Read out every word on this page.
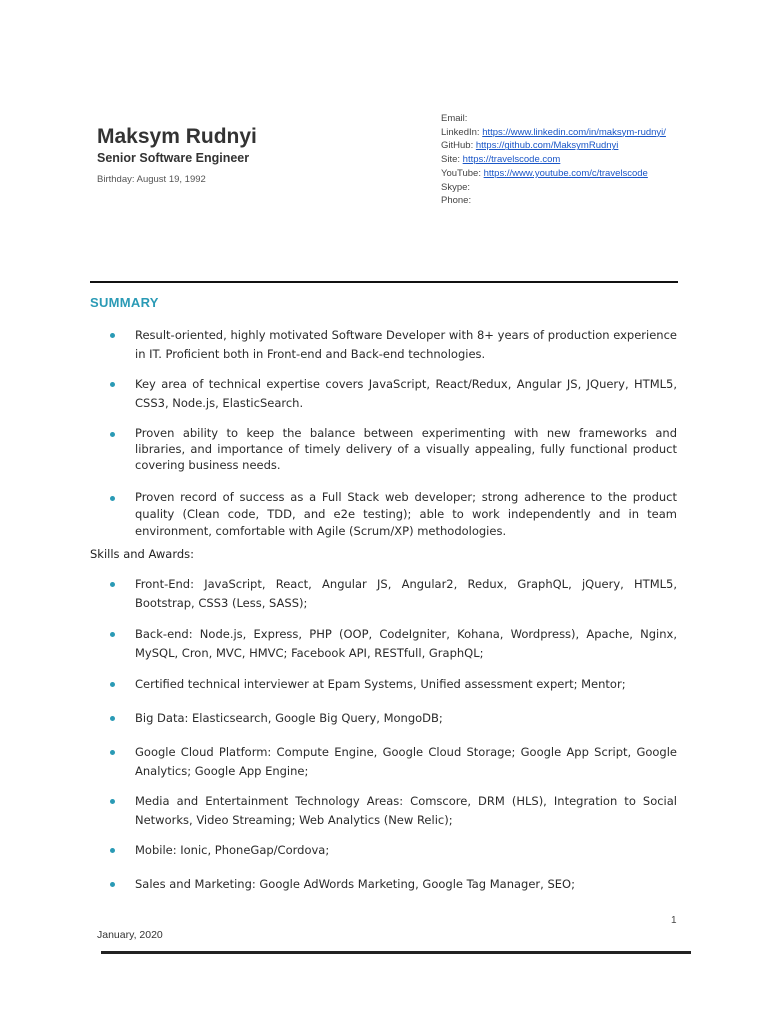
Maksym Rudnyi
Senior Software Engineer
Birthday: August 19, 1992
Email:
LinkedIn: https://www.linkedin.com/in/maksym-rudnyi/
GitHub: https://github.com/MaksymRudnyi
Site: https://travelscode.com
YouTube: https://www.youtube.com/c/travelscode
Skype:
Phone:
SUMMARY
Result-oriented, highly motivated Software Developer with 8+ years of production experience in IT. Proficient both in Front-end and Back-end technologies.
Key area of technical expertise covers JavaScript, React/Redux, Angular JS, JQuery, HTML5, CSS3, Node.js, ElasticSearch.
Proven ability to keep the balance between experimenting with new frameworks and libraries, and importance of timely delivery of a visually appealing, fully functional product covering business needs.
Proven record of success as a Full Stack web developer; strong adherence to the product quality (Clean code, TDD, and e2e testing); able to work independently and in team environment, comfortable with Agile (Scrum/XP) methodologies.
Skills and Awards:
Front-End: JavaScript, React, Angular JS, Angular2, Redux, GraphQL, jQuery, HTML5, Bootstrap, CSS3 (Less, SASS);
Back-end: Node.js, Express, PHP (OOP, CodeIgniter, Kohana, Wordpress), Apache, Nginx, MySQL, Cron, MVC, HMVC; Facebook API, RESTfull, GraphQL;
Certified technical interviewer at Epam Systems, Unified assessment expert; Mentor;
Big Data: Elasticsearch, Google Big Query, MongoDB;
Google Cloud Platform: Compute Engine, Google Cloud Storage; Google App Script, Google Analytics; Google App Engine;
Media and Entertainment Technology Areas: Comscore, DRM (HLS), Integration to Social Networks, Video Streaming; Web Analytics (New Relic);
Mobile: Ionic, PhoneGap/Cordova;
Sales and Marketing: Google AdWords Marketing, Google Tag Manager, SEO;
1
January, 2020
